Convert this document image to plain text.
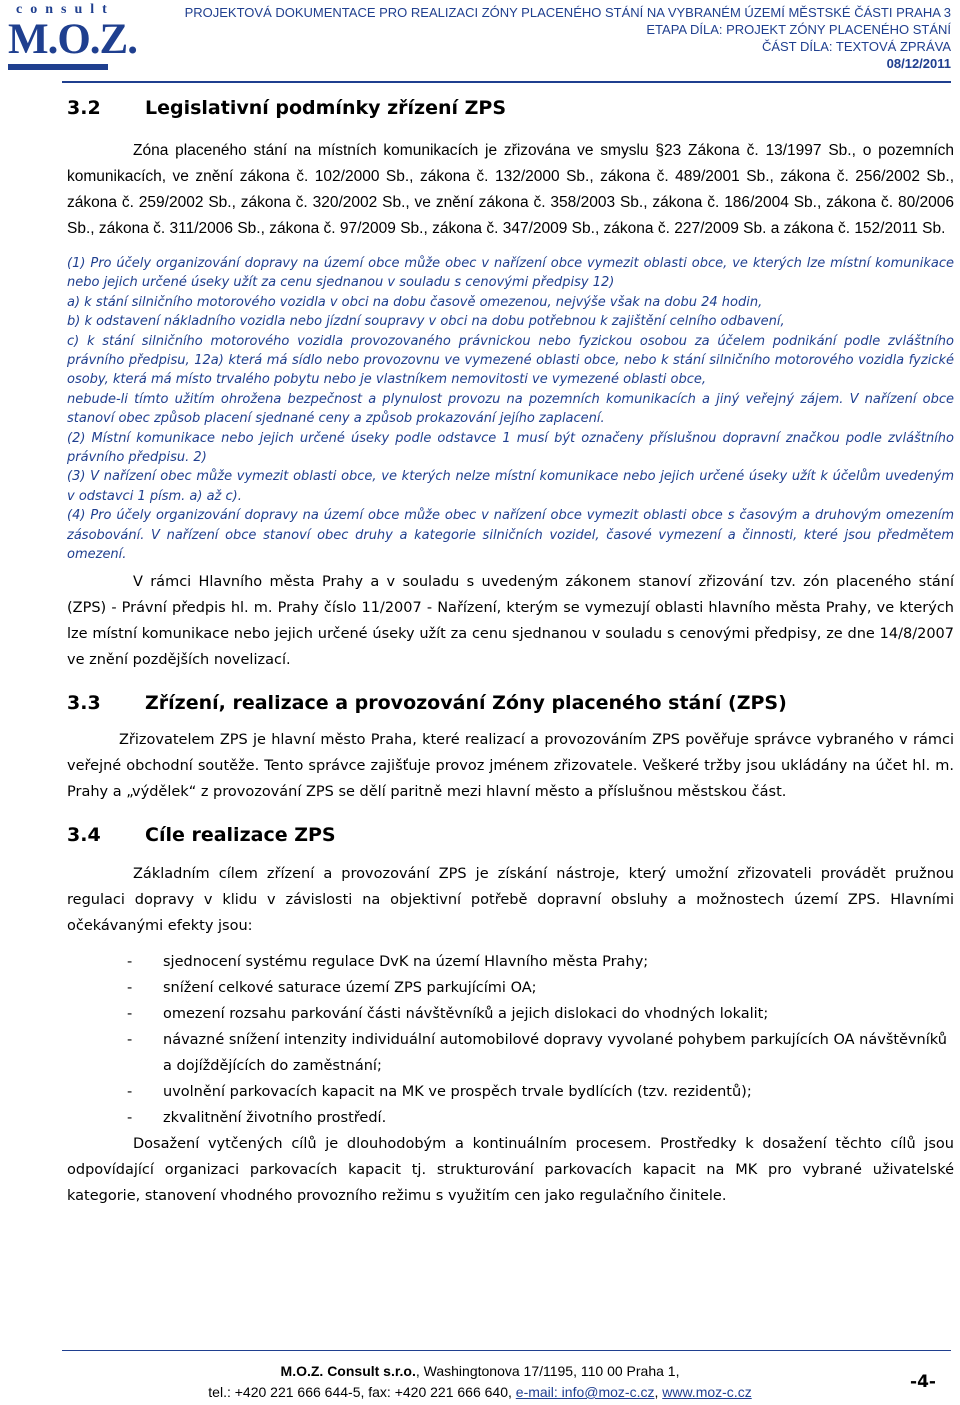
consult
M.O.Z.
PROJEKTOVÁ DOKUMENTACE PRO REALIZACI ZÓNY PLACENÉHO STÁNÍ NA VYBRANÉM ÚZEMÍ MĚSTSKÉ ČÁSTI PRAHA 3
ETAPA DÍLA: PROJEKT ZÓNY PLACENÉHO STÁNÍ
ČÁST DÍLA: TEXTOVÁ ZPRÁVA
08/12/2011
3.2 Legislativní podmínky zřízení ZPS

Zóna placeného stání na místních komunikacích je zřizována ve smyslu §23 Zákona č. 13/1997 Sb., o pozemních komunikacích, ve znění zákona č. 102/2000 Sb., zákona č. 132/2000 Sb., zákona č. 489/2001 Sb., zákona č. 256/2002 Sb., zákona č. 259/2002 Sb., zákona č. 320/2002 Sb., ve znění zákona č. 358/2003 Sb., zákona č. 186/2004 Sb., zákona č. 80/2006 Sb., zákona č. 311/2006 Sb., zákona č. 97/2009 Sb., zákona č. 347/2009 Sb., zákona č. 227/2009 Sb. a zákona č. 152/2011 Sb.

(1) Pro účely organizování dopravy na území obce může obec v nařízení obce vymezit oblasti obce, ve kterých lze místní komunikace nebo jejich určené úseky užít za cenu sjednanou v souladu s cenovými předpisy 12)
a) k stání silničního motorového vozidla v obci na dobu časově omezenou, nejvýše však na dobu 24 hodin,
b) k odstavení nákladního vozidla nebo jízdní soupravy v obci na dobu potřebnou k zajištění celního odbavení,
c) k stání silničního motorového vozidla provozovaného právnickou nebo fyzickou osobou za účelem podnikání podle zvláštního právního předpisu, 12a) která má sídlo nebo provozovnu ve vymezené oblasti obce, nebo k stání silničního motorového vozidla fyzické osoby, která má místo trvalého pobytu nebo je vlastníkem nemovitosti ve vymezené oblasti obce,
nebude-li tímto užitím ohrožena bezpečnost a plynulost provozu na pozemních komunikacích a jiný veřejný zájem. V nařízení obce stanoví obec způsob placení sjednané ceny a způsob prokazování jejího zaplacení.
(2) Místní komunikace nebo jejich určené úseky podle odstavce 1 musí být označeny příslušnou dopravní značkou podle zvláštního právního předpisu. 2)
(3) V nařízení obec může vymezit oblasti obce, ve kterých nelze místní komunikace nebo jejich určené úseky užít k účelům uvedeným v odstavci 1 písm. a) až c).
(4) Pro účely organizování dopravy na území obce může obec v nařízení obce vymezit oblasti obce s časovým a druhovým omezením zásobování. V nařízení obce stanoví obec druhy a kategorie silničních vozidel, časové vymezení a činnosti, které jsou předmětem omezení.

V rámci Hlavního města Prahy a v souladu s uvedeným zákonem stanoví zřizování tzv. zón placeného stání (ZPS) - Právní předpis hl. m. Prahy číslo 11/2007 - Nařízení, kterým se vymezují oblasti hlavního města Prahy, ve kterých lze místní komunikace nebo jejich určené úseky užít za cenu sjednanou v souladu s cenovými předpisy, ze dne 14/8/2007 ve znění pozdějších novelizací.

3.3 Zřízení, realizace a provozování Zóny placeného stání (ZPS)

Zřizovatelem ZPS je hlavní město Praha, které realizací a provozováním ZPS pověřuje správce vybraného v rámci veřejné obchodní soutěže. Tento správce zajišťuje provoz jménem zřizovatele. Veškeré tržby jsou ukládány na účet hl. m. Prahy a „výdělek“ z provozování ZPS se dělí paritně mezi hlavní město a příslušnou městskou část.

3.4 Cíle realizace ZPS

Základním cílem zřízení a provozování ZPS je získání nástroje, který umožní zřizovateli provádět pružnou regulaci dopravy v klidu v závislosti na objektivní potřebě dopravní obsluhy a možnostech území ZPS. Hlavními očekávanými efekty jsou:

- sjednocení systému regulace DvK na území Hlavního města Prahy;
- snížení celkové saturace území ZPS parkujícími OA;
- omezení rozsahu parkování části návštěvníků a jejich dislokaci do vhodných lokalit;
- návazné snížení intenzity individuální automobilové dopravy vyvolané pohybem parkujících OA návštěvníků a dojíždějících do zaměstnání;
- uvolnění parkovacích kapacit na MK ve prospěch trvale bydlících (tzv. rezidentů);
- zkvalitnění životního prostředí.

Dosažení vytčených cílů je dlouhodobým a kontinuálním procesem. Prostředky k dosažení těchto cílů jsou odpovídající organizaci parkovacích kapacit tj. strukturování parkovacích kapacit na MK pro vybrané uživatelské kategorie, stanovení vhodného provozního režimu s využitím cen jako regulačního činitele.

M.O.Z. Consult s.r.o., Washingtonova 17/1195, 110 00 Praha 1,
tel.: +420 221 666 644-5, fax: +420 221 666 640, e-mail: info@moz-c.cz, www.moz-c.cz	-4-
